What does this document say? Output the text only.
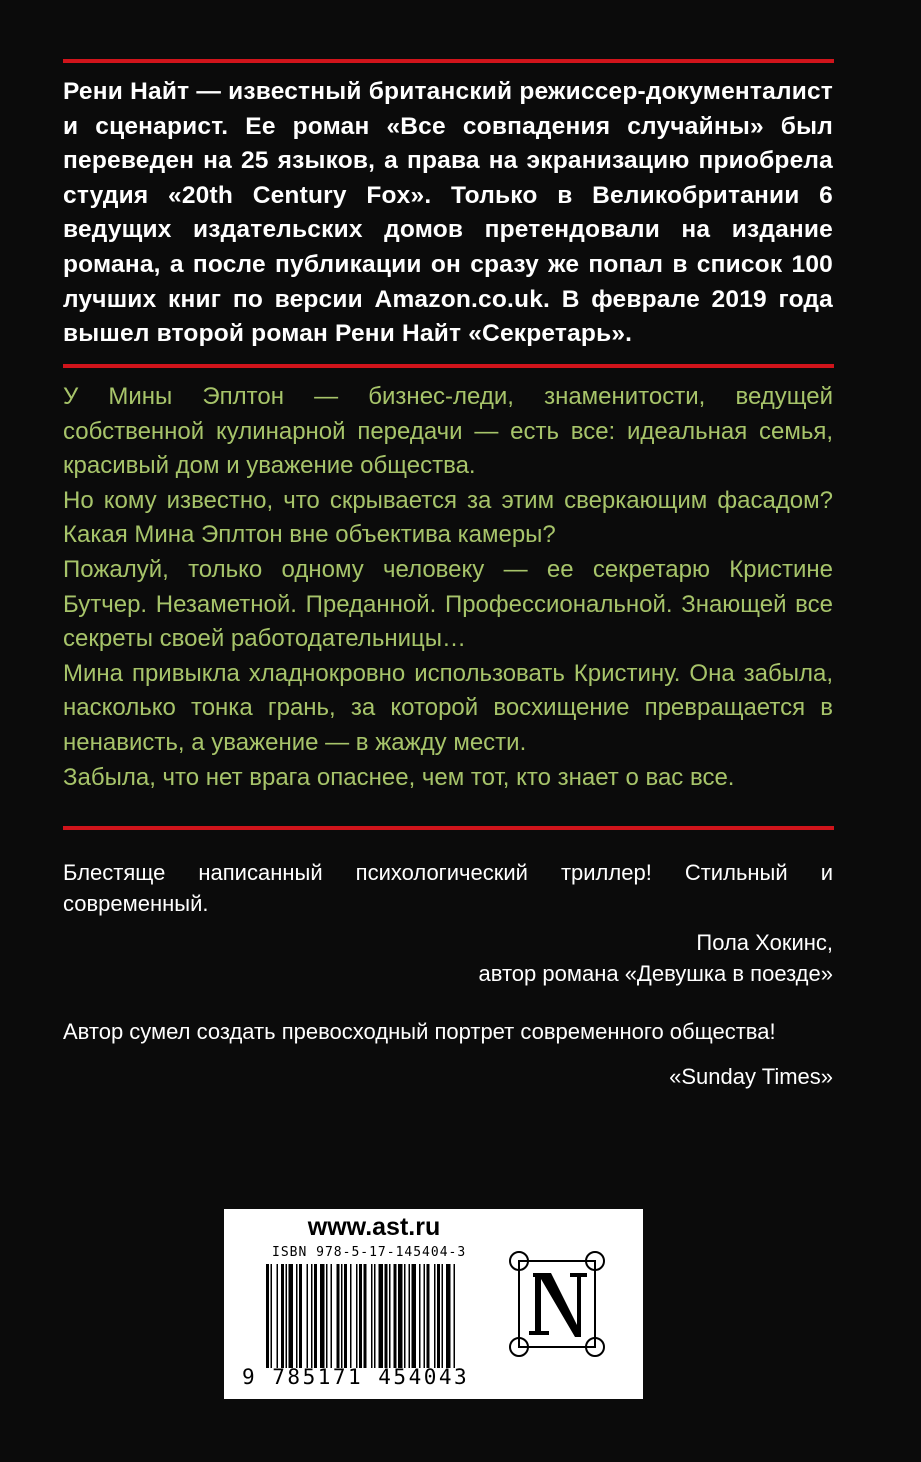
Рени Найт — известный британский режиссер-документалист и сценарист. Ее роман «Все совпадения случайны» был переведен на 25 языков, а права на экранизацию приобрела студия «20th Century Fox». Только в Великобритании 6 ведущих издательских домов претендовали на издание романа, а после публикации он сразу же попал в список 100 лучших книг по версии Amazon.co.uk. В феврале 2019 года вышел второй роман Рени Найт «Секретарь».

У Мины Эплтон — бизнес-леди, знаменитости, ведущей собственной кулинарной передачи — есть все: идеальная семья, красивый дом и уважение общества.

Но кому известно, что скрывается за этим сверкающим фасадом? Какая Мина Эплтон вне объектива камеры?

Пожалуй, только одному человеку — ее секретарю Кристине Бутчер. Незаметной. Преданной. Профессиональной. Знающей все секреты своей работодательницы…

Мина привыкла хладнокровно использовать Кристину. Она забыла, насколько тонка грань, за которой восхищение превращается в ненависть, а уважение — в жажду мести.

Забыла, что нет врага опаснее, чем тот, кто знает о вас все.

Блестяще написанный психологический триллер! Стильный и современный.

Пола Хокинс,

автор романа «Девушка в поезде»

Автор сумел создать превосходный портрет современного общества!

«Sunday Times»

www.ast.ru
ISBN 978-5-17-145404-3
9 785171 454043
